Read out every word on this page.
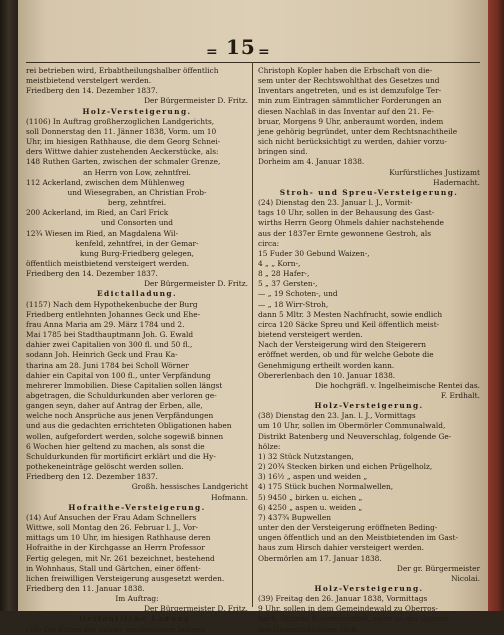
= 15 =
rei betrieben wird, Erbabtheilungshalber öffentlich
meistbietend verstelgert werden.
Friedberg den 14. Dezember 1837.
Der Bürgermeister D. Fritz.
Holz-Versteigerung.
(1106) In Auftrag großherzoglichen Landgerichts,
soll Donnerstag den 11. Jänner 1838, Vorm. um 10
Uhr, im hiesigen Rathhause, die dem Georg Schnei-
ders Wittwe dahier zustehenden Aeckerstücke, als:
148 Ruthen Garten, zwischen der schmaler Grenze,
an Herrn von Low, zehntfrei.
112 Ackerland, zwischen dem Mühlenweg
und Wiesegraben, an Christian Frob-
berg, zehntfrei.
200 Ackerland, im Ried, an Carl Frick
und Consorten und
12¾ Wiesen im Ried, an Magdalena Wil-
kenfeld, zehntfrei, in der Gemar-
kung Burg-Friedberg gelegen,
öffentlich meistbietend versteigert werden.
Friedberg den 14. Dezember 1837.
Der Bürgermeister D. Fritz.
Edictalladung.
(1157) Nach dem Hypothekenbuche der Burg
Friedberg entlehnten Johannes Geck und Ehe-
frau Anna Maria am 29. März 1784 und 2.
Mai 1785 bei Stadthauptmann Joh. G. Ewald
dahier zwei Capitalien von 300 fl. und 50 fl.,
sodann Joh. Heinrich Geck und Frau Ka-
tharina am 28. Juni 1784 bei Scholl Wörner
dahier ein Capital von 100 fl., unter Verpfändung
mehrerer Immobilien. Diese Capitalien sollen längst
abgetragen, die Schuldurkunden aber verloren ge-
gangen seyn, daher auf Antrag der Erben, alle,
welche noch Ansprüche aus jenen Verpfändungen
und aus die gedachten errichteten Obligationen haben
wollen, aufgefordert werden, solche sogewiß binnen
6 Wochen hier geltend zu machen, als sonst die
Schuldurkunden für mortificirt erklärt und die Hy-
pothekeneinträge gelöscht werden sollen.
Friedberg den 12. Dezember 1837.
Großh. hessisches Landgericht
Hofmann.
Hofraithe-Versteigerung.
(14) Auf Ansuchen der Frau Adam Schnellers
Wittwe, soll Montag den 26. Februar l. J., Vor-
mittags um 10 Uhr, im hiesigen Rathhause deren
Hofraithe in der Kirchgasse an Herrn Professor
Fertig gelegen, mit Nr. 261 bezeichnet, bestehend
in Wohnhaus, Stall und Gärtchen, einer öffent-
lichen freiwilligen Versteigerung ausgesetzt werden.
Friedberg den 11. Januar 1838.
Im Auftrag:
Der Bürgermeister D. Fritz.
Oeffentliche Ladung.
(16) Die Erben des dahier verstorbenen ledigen
Christoph Kopler haben die Erbschaft von die-
sem unter der Rechtswohlthat des Gesetzes und
Inventars angetreten, und es ist demzufolge Ter-
min zum Eintragen sämmtlicher Forderungen an
diesen Nachlaß in das Inventar auf den 21. Fe-
bruar, Morgens 9 Uhr, anberaumt worden, indem
jene gehörig begründet, unter dem Rechtsnachtheile
sich nicht berücksichtigt zu werden, dahier vorzu-
bringen sind.
Dorheim am 4. Januar 1838.
Kurfürstliches Justizamt
Hadernacht.
Stroh- und Spreu-Versteigerung.
(24) Dienstag den 23. Januar l. J., Vormit-
tags 10 Uhr, sollen in der Behausung des Gast-
wirths Herrn Georg Ohmels dahier nachstehende
aus der 1837er Ernte gewonnene Gestroh, als
circa:
15 Fuder 30 Gebund Waizen-,
4 „ „ Korn-,
8 „ 28 Hafer-,
5 „ 37 Gersten-,
— „ 19 Schoten-, und
— „ 18 Wirr-Stroh,
dann 5 Mltr. 3 Mesten Nachfrucht, sowie endlich
circa 120 Säcke Spreu und Keil öffentlich meist-
bietend versteigert werden.
Nach der Versteigerung wird den Steigerern
eröffnet werden, ob und für welche Gebote die
Genehmigung ertheilt worden kann.
Obererlenbach den 10. Januar 1838.
Die hochgräfl. v. Ingelheimische Rentei das.
F. Erdhalt.
Holz-Versteigerung.
(38) Dienstag den 23. Jan. l. J., Vormittags
um 10 Uhr, sollen im Obermörler Communalwald,
Distrikt Batenberg und Neuverschlag, folgende Ge-
hölze:
1) 32 Stück Nutzstangen,
2) 20¾ Stecken birken und eichen Prügelholz,
3) 16½ „ aspen und weiden „
4) 175 Stück buchen Normalwellen,
5) 9450 „ birken u. eichen „
6) 4250 „ aspen u. weiden „
7) 437¾ Bupwellen
unter den der Versteigerung eröffneten Beding-
ungen öffentlich und an den Meistbietenden im Gast-
haus zum Hirsch dahier versteigert werden.
Obermörlen am 17. Januar 1838.
Der gr. Bürgermeister
Nicolai.
Holz-Versteigerung.
(39) Freitag den 26. Januar 1838, Vormittags
9 Uhr, sollen in dem Gemeindewald zu Oberros-
bach, Distrikt Rosenkranzhek, nahe an der Grenze
des Oberstraßheimer Hofs
